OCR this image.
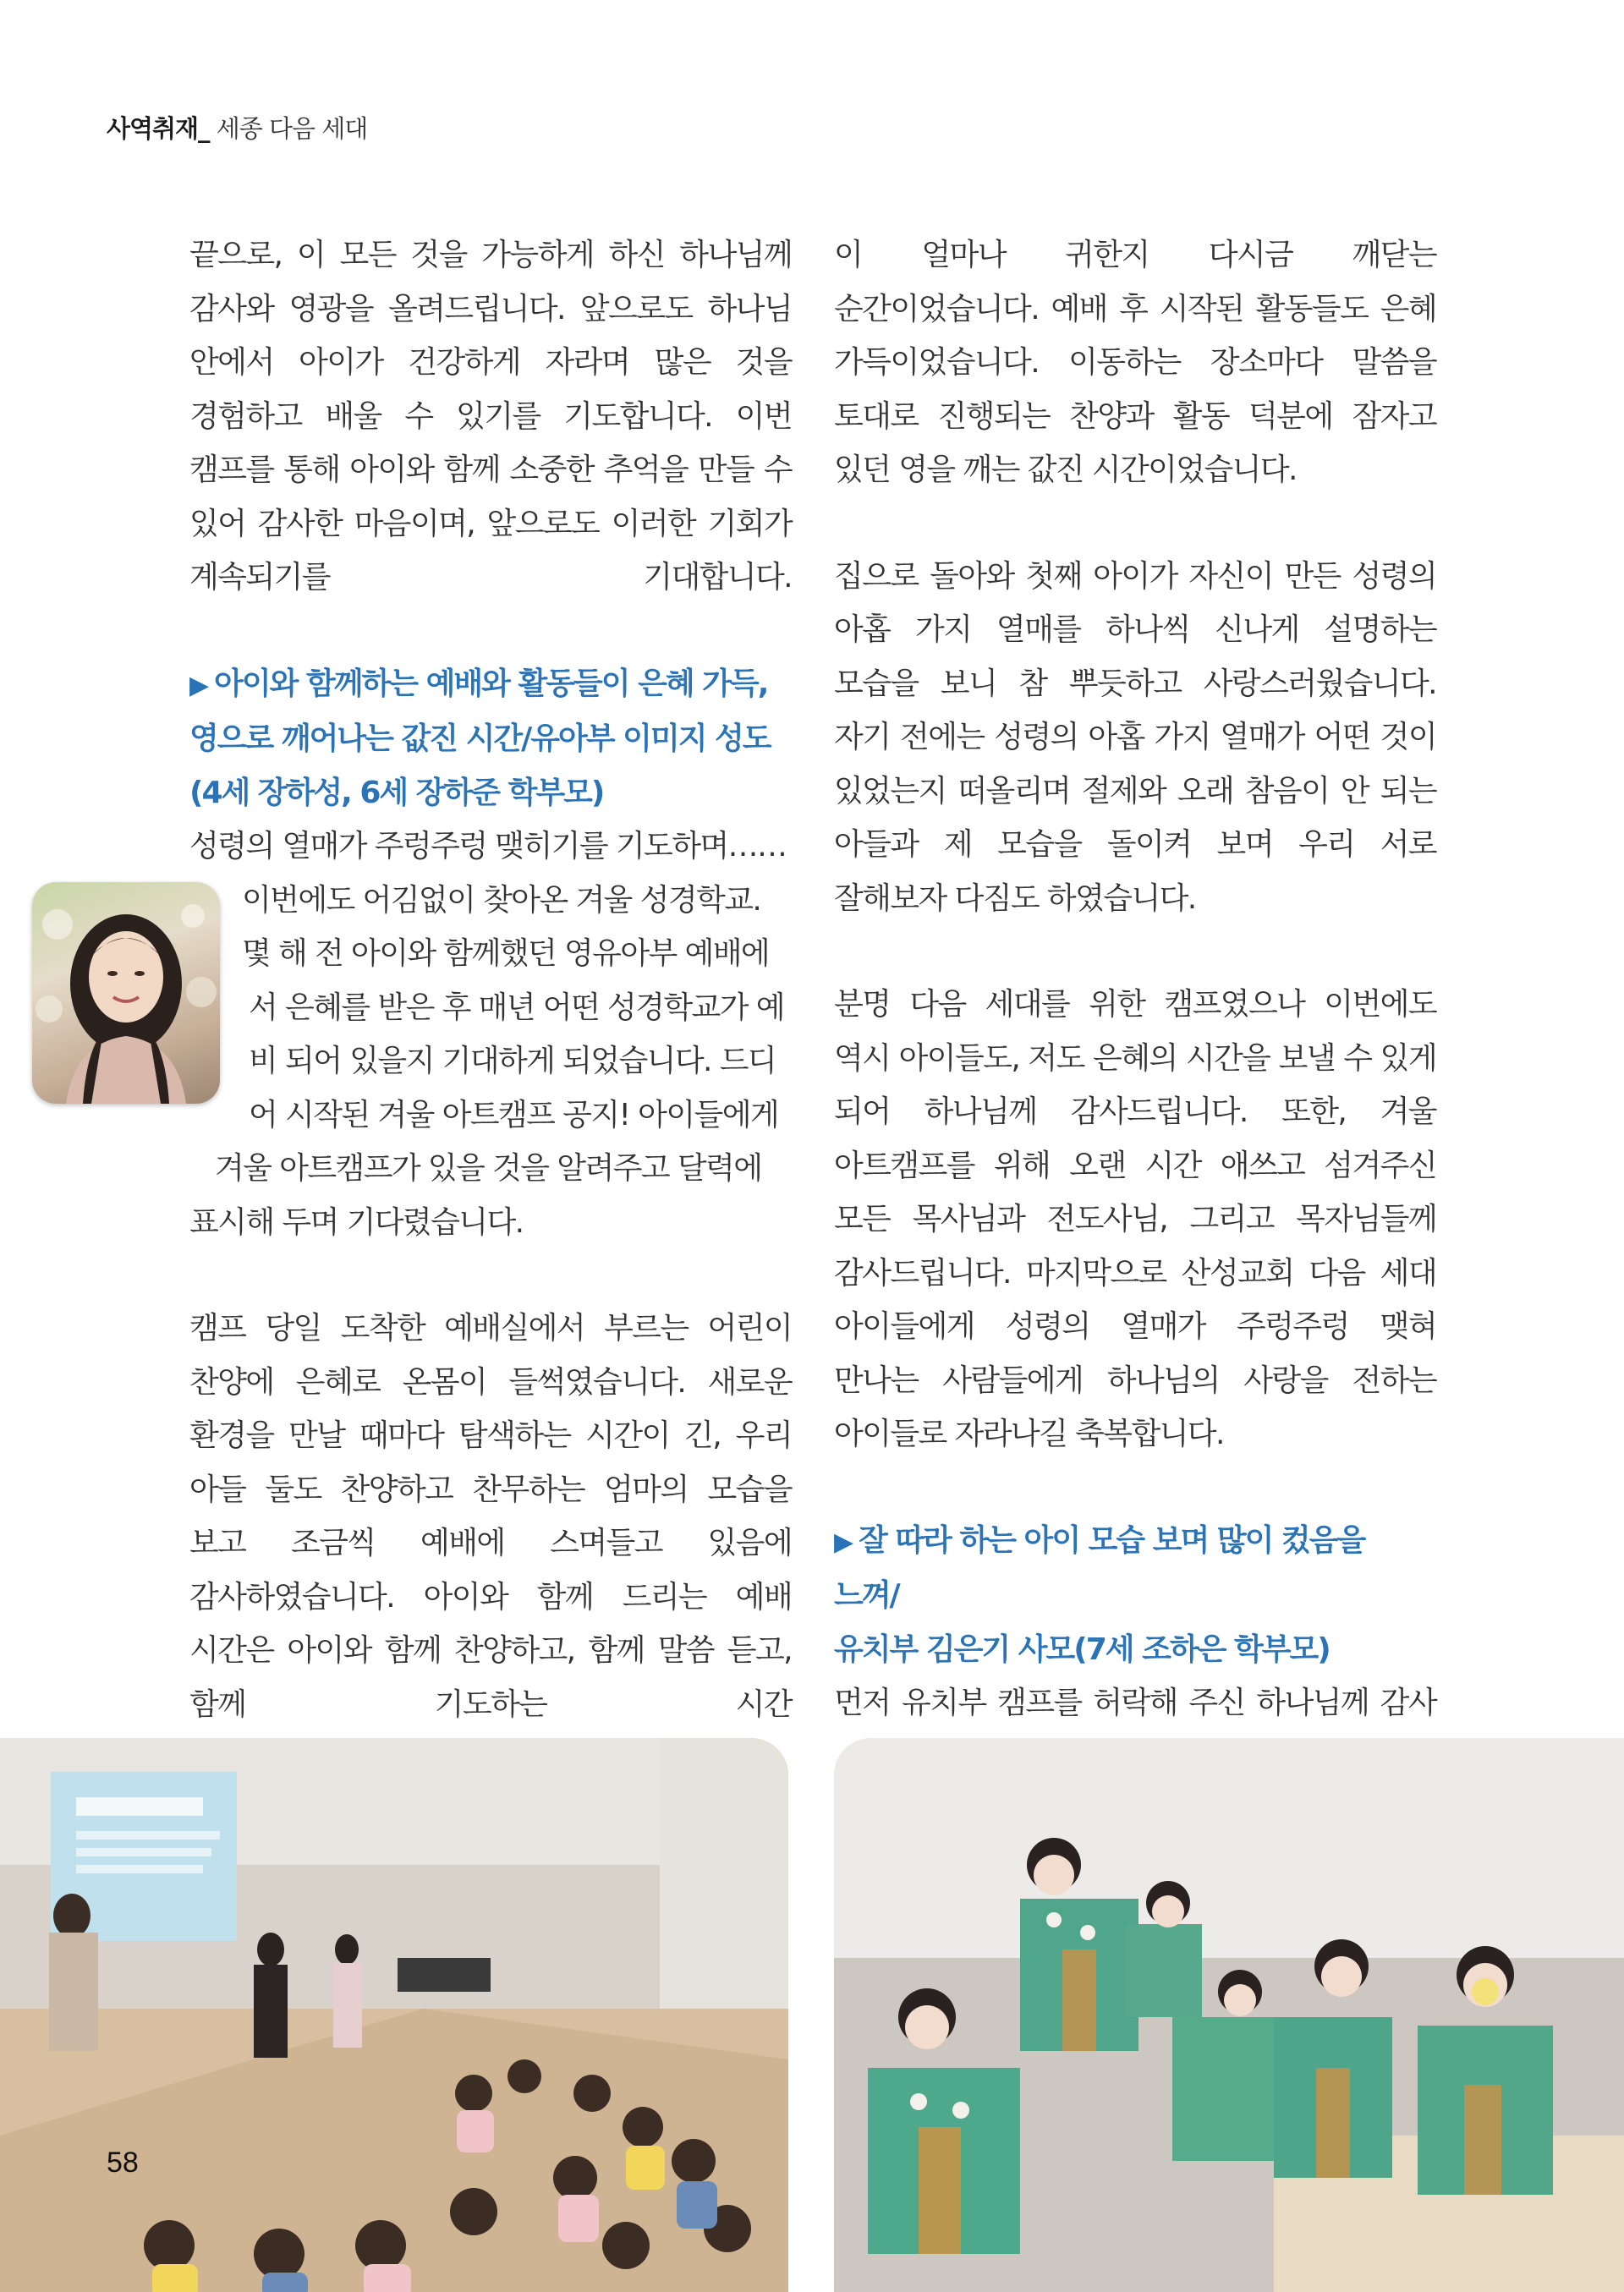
사역취재_ 세종 다음 세대

끝으로, 이 모든 것을 가능하게 하신 하나님께 감사와 영광을 올려드립니다. 앞으로도 하나님 안에서 아이가 건강하게 자라며 많은 것을 경험하고 배울 수 있기를 기도합니다. 이번 캠프를 통해 아이와 함께 소중한 추억을 만들 수 있어 감사한 마음이며, 앞으로도 이러한 기회가 계속되기를 기대합니다.

▶ 아이와 함께하는 예배와 활동들이 은혜 가득,
영으로 깨어나는 값진 시간/유아부 이미지 성도
(4세 장하성, 6세 장하준 학부모)

성령의 열매가 주렁주렁 맺히기를 기도하며……
이번에도 어김없이 찾아온 겨울 성경학교.
몇 해 전 아이와 함께했던 영유아부 예배에
서 은혜를 받은 후 매년 어떤 성경학교가 예
비 되어 있을지 기대하게 되었습니다. 드디
어 시작된 겨울 아트캠프 공지! 아이들에게
겨울 아트캠프가 있을 것을 알려주고 달력에
표시해 두며 기다렸습니다.

캠프 당일 도착한 예배실에서 부르는 어린이 찬양에 은혜로 온몸이 들썩였습니다. 새로운 환경을 만날 때마다 탐색하는 시간이 긴, 우리 아들 둘도 찬양하고 찬무하는 엄마의 모습을 보고 조금씩 예배에 스며들고 있음에 감사하였습니다. 아이와 함께 드리는 예배 시간은 아이와 함께 찬양하고, 함께 말씀 듣고, 함께 기도하는 시간

이 얼마나 귀한지 다시금 깨닫는 순간이었습니다. 예배 후 시작된 활동들도 은혜 가득이었습니다. 이동하는 장소마다 말씀을 토대로 진행되는 찬양과 활동 덕분에 잠자고 있던 영을 깨는 값진 시간이었습니다.

집으로 돌아와 첫째 아이가 자신이 만든 성령의 아홉 가지 열매를 하나씩 신나게 설명하는 모습을 보니 참 뿌듯하고 사랑스러웠습니다. 자기 전에는 성령의 아홉 가지 열매가 어떤 것이 있었는지 떠올리며 절제와 오래 참음이 안 되는 아들과 제 모습을 돌이켜 보며 우리 서로 잘해보자 다짐도 하였습니다.

분명 다음 세대를 위한 캠프였으나 이번에도 역시 아이들도, 저도 은혜의 시간을 보낼 수 있게 되어 하나님께 감사드립니다. 또한, 겨울 아트캠프를 위해 오랜 시간 애쓰고 섬겨주신 모든 목사님과 전도사님, 그리고 목자님들께 감사드립니다. 마지막으로 산성교회 다음 세대 아이들에게 성령의 열매가 주렁주렁 맺혀 만나는 사람들에게 하나님의 사랑을 전하는 아이들로 자라나길 축복합니다.

▶ 잘 따라 하는 아이 모습 보며 많이 컸음을 느껴/
유치부 김은기 사모(7세 조하은 학부모)

먼저 유치부 캠프를 허락해 주신 하나님께 감사

58
